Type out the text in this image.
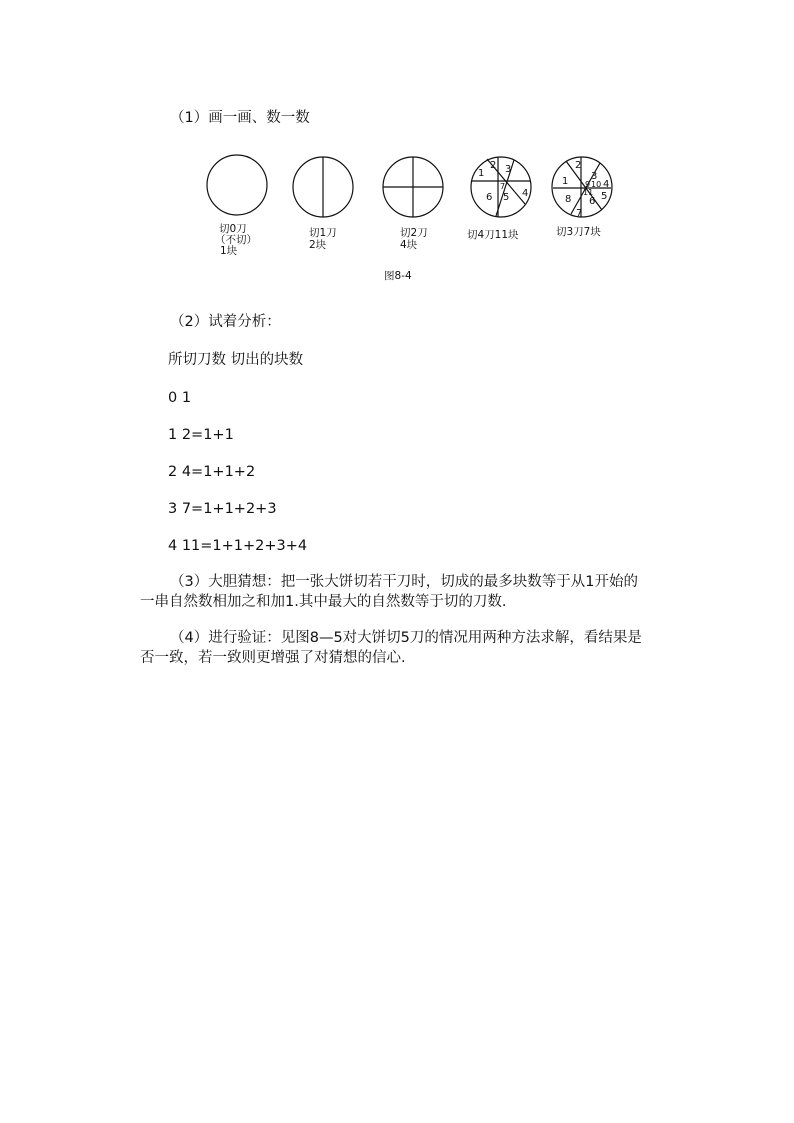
（1）画一画、数一数
1
2 3
7
6 5 4
2
3
1 9 10 4
11
8 6 5
7
切0刀
（不切）
1块
切1刀
2块
切2刀
4块
切4刀11块	切3刀7块
图8-4
（2）试着分析：
所切刀数 切出的块数
0 1
1 2=1+1
2 4=1+1+2
3 7=1+1+2+3
4 11=1+1+2+3+4
（3）大胆猜想：把一张大饼切若干刀时，切成的最多块数等于从1开始的
一串自然数相加之和加1.其中最大的自然数等于切的刀数.
（4）进行验证：见图8—5对大饼切5刀的情况用两种方法求解，看结果是
否一致，若一致则更增强了对猜想的信心.
